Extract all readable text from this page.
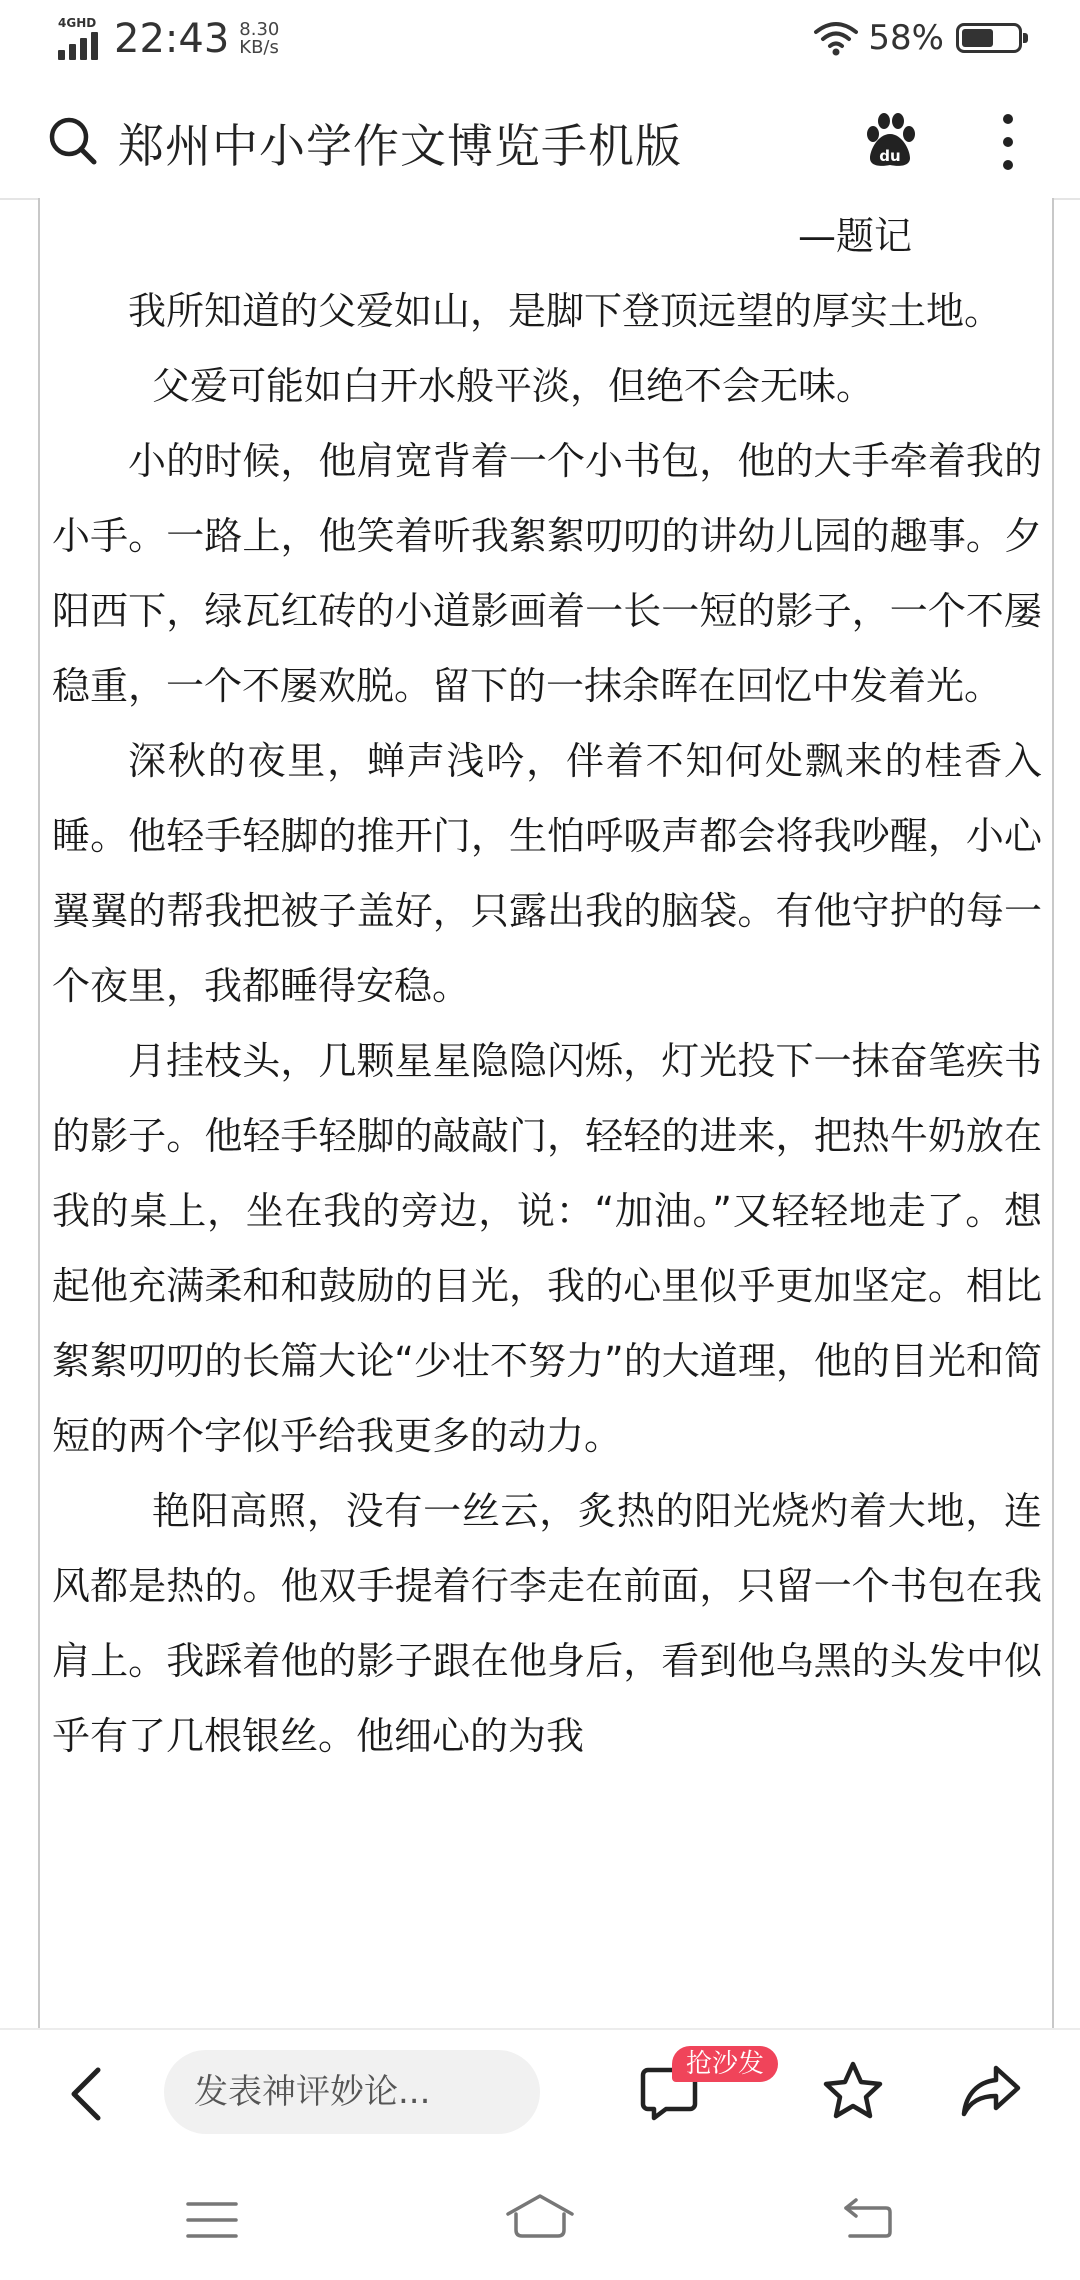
4GHD 22:43 8.30
KB/s	58%
郑州中小学作文博览手机版	du

—题记

我所知道的父爱如山，是脚下登顶远望的厚实土地。

父爱可能如白开水般平淡，但绝不会无味。

小的时候，他肩宽背着一个小书包，他的大手牵着我的小手。一路上，他笑着听我絮絮叨叨的讲幼儿园的趣事。夕阳西下，绿瓦红砖的小道影画着一长一短的影子，一个不屡稳重，一个不屡欢脱。留下的一抹余晖在回忆中发着光。

深秋的夜里，蝉声浅吟，伴着不知何处飘来的桂香入睡。他轻手轻脚的推开门，生怕呼吸声都会将我吵醒，小心翼翼的帮我把被子盖好，只露出我的脑袋。有他守护的每一个夜里，我都睡得安稳。

月挂枝头，几颗星星隐隐闪烁，灯光投下一抹奋笔疾书的影子。他轻手轻脚的敲敲门，轻轻的进来，把热牛奶放在我的桌上，坐在我的旁边，说：“加油。”又轻轻地走了。想起他充满柔和和鼓励的目光，我的心里似乎更加坚定。相比絮絮叨叨的长篇大论“少壮不努力”的大道理，他的目光和简短的两个字似乎给我更多的动力。

艳阳高照，没有一丝云，炙热的阳光烧灼着大地，连风都是热的。他双手提着行李走在前面，只留一个书包在我肩上。我踩着他的影子跟在他身后，看到他乌黑的头发中似乎有了几根银丝。他细心的为我

发表神评妙论...
抢沙发
